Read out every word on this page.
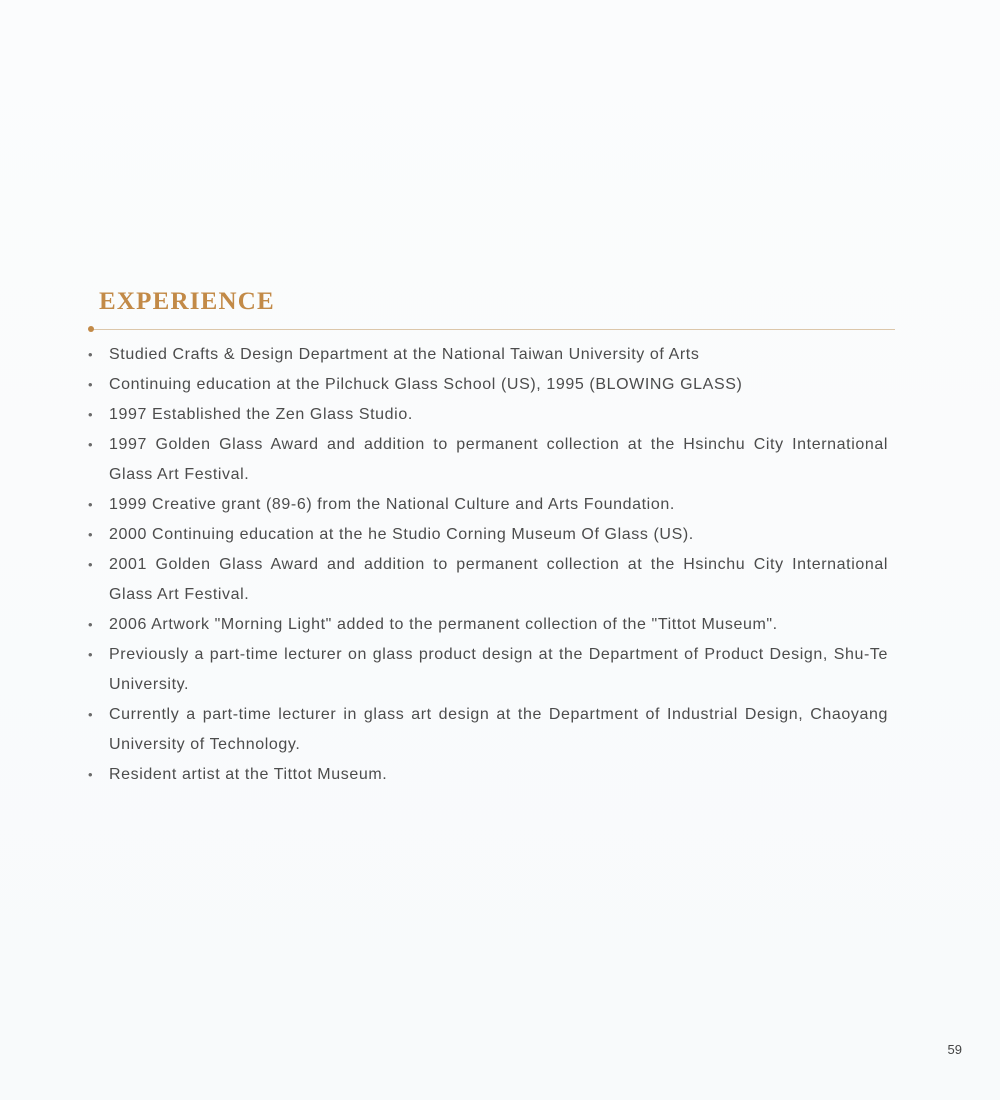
EXPERIENCE
• Studied Crafts & Design Department at the National Taiwan University of Arts
• Continuing education at the Pilchuck Glass School (US), 1995 (BLOWING GLASS)
• 1997 Established the Zen Glass Studio.
• 1997 Golden Glass Award and addition to permanent collection at the Hsinchu City International Glass Art Festival.
• 1999 Creative grant (89-6) from the National Culture and Arts Foundation.
• 2000 Continuing education at the he Studio Corning Museum Of Glass (US).
• 2001 Golden Glass Award and addition to permanent collection at the Hsinchu City International Glass Art Festival.
• 2006 Artwork "Morning Light" added to the permanent collection of the "Tittot Museum".
• Previously a part-time lecturer on glass product design at the Department of Product Design, Shu-Te University.
• Currently a part-time lecturer in glass art design at the Department of Industrial Design, Chaoyang University of Technology.
• Resident artist at the Tittot Museum.
59
